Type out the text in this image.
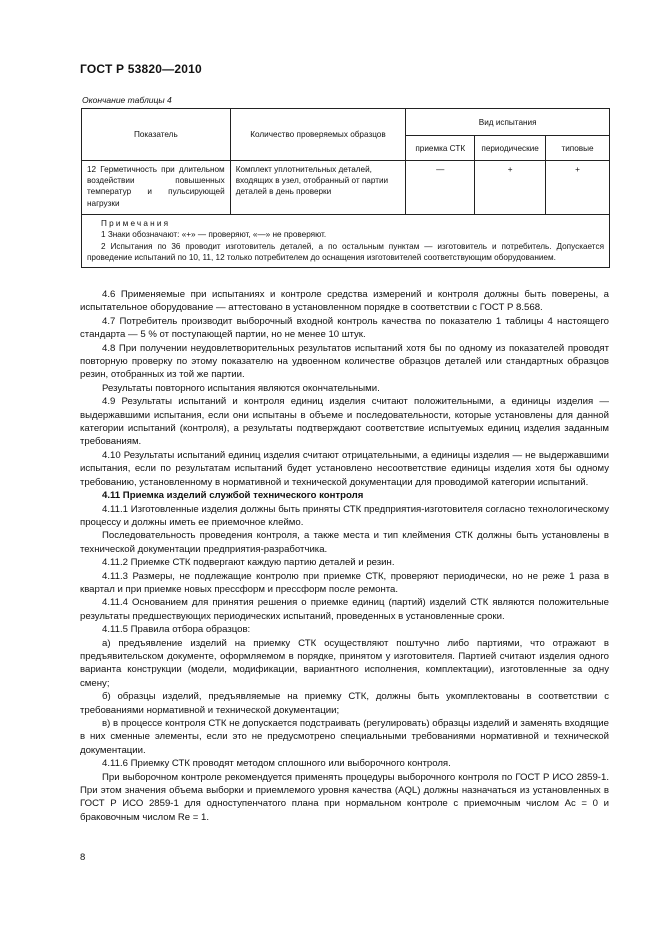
ГОСТ Р 53820—2010
Окончание таблицы 4
Показатель	Количество проверяемых образцов	Вид испытания		
		приемка СТК	периодические	типовые
12 Герметичность при длительном воздействии повышенных температур и пульсирующей нагрузки	Комплект уплотнительных деталей, входящих в узел, отобранный от партии деталей в день проверки	—	+	+

Примечания
1 Знаки обозначают: «+» — проверяют, «—» не проверяют.
2 Испытания по 36 проводит изготовитель деталей, а по остальным пунктам — изготовитель и потребитель. Допускается проведение испытаний по 10, 11, 12 только потребителем до оснащения изготовителей соответствующим оборудованием.				

4.6 Применяемые при испытаниях и контроле средства измерений и контроля должны быть поверены, а испытательное оборудование — аттестовано в установленном порядке в соответствии с ГОСТ Р 8.568.

4.7 Потребитель производит выборочный входной контроль качества по показателю 1 таблицы 4 настоящего стандарта — 5 % от поступающей партии, но не менее 10 штук.

4.8 При получении неудовлетворительных результатов испытаний хотя бы по одному из показателей проводят повторную проверку по этому показателю на удвоенном количестве образцов деталей или стандартных образцов резин, отобранных из той же партии.

Результаты повторного испытания являются окончательными.

4.9 Результаты испытаний и контроля единиц изделия считают положительными, а единицы изделия — выдержавшими испытания, если они испытаны в объеме и последовательности, которые установлены для данной категории испытаний (контроля), а результаты подтверждают соответствие испытуемых единиц изделия заданным требованиям.

4.10 Результаты испытаний единиц изделия считают отрицательными, а единицы изделия — не выдержавшими испытания, если по результатам испытаний будет установлено несоответствие единицы изделия хотя бы одному требованию, установленному в нормативной и технической документации для проводимой категории испытаний.

4.11 Приемка изделий службой технического контроля

4.11.1 Изготовленные изделия должны быть приняты СТК предприятия-изготовителя согласно технологическому процессу и должны иметь ее приемочное клеймо.

Последовательность проведения контроля, а также места и тип клеймения СТК должны быть установлены в технической документации предприятия-разработчика.

4.11.2 Приемке СТК подвергают каждую партию деталей и резин.

4.11.3 Размеры, не подлежащие контролю при приемке СТК, проверяют периодически, но не реже 1 раза в квартал и при приемке новых прессформ и прессформ после ремонта.

4.11.4 Основанием для принятия решения о приемке единиц (партий) изделий СТК являются положительные результаты предшествующих периодических испытаний, проведенных в установленные сроки.

4.11.5 Правила отбора образцов:

а) предъявление изделий на приемку СТК осуществляют поштучно либо партиями, что отражают в предъявительском документе, оформляемом в порядке, принятом у изготовителя. Партией считают изделия одного варианта конструкции (модели, модификации, вариантного исполнения, комплектации), изготовленные за одну смену;

б) образцы изделий, предъявляемые на приемку СТК, должны быть укомплектованы в соответствии с требованиями нормативной и технической документации;

в) в процессе контроля СТК не допускается подстраивать (регулировать) образцы изделий и заменять входящие в них сменные элементы, если это не предусмотрено специальными требованиями нормативной и технической документации.

4.11.6 Приемку СТК проводят методом сплошного или выборочного контроля.

При выборочном контроле рекомендуется применять процедуры выборочного контроля по ГОСТ Р ИСО 2859-1. При этом значения объема выборки и приемлемого уровня качества (AQL) должны назначаться из установленных в ГОСТ Р ИСО 2859-1 для одноступенчатого плана при нормальном контроле с приемочным числом Ac = 0 и браковочным числом Re = 1.

8
